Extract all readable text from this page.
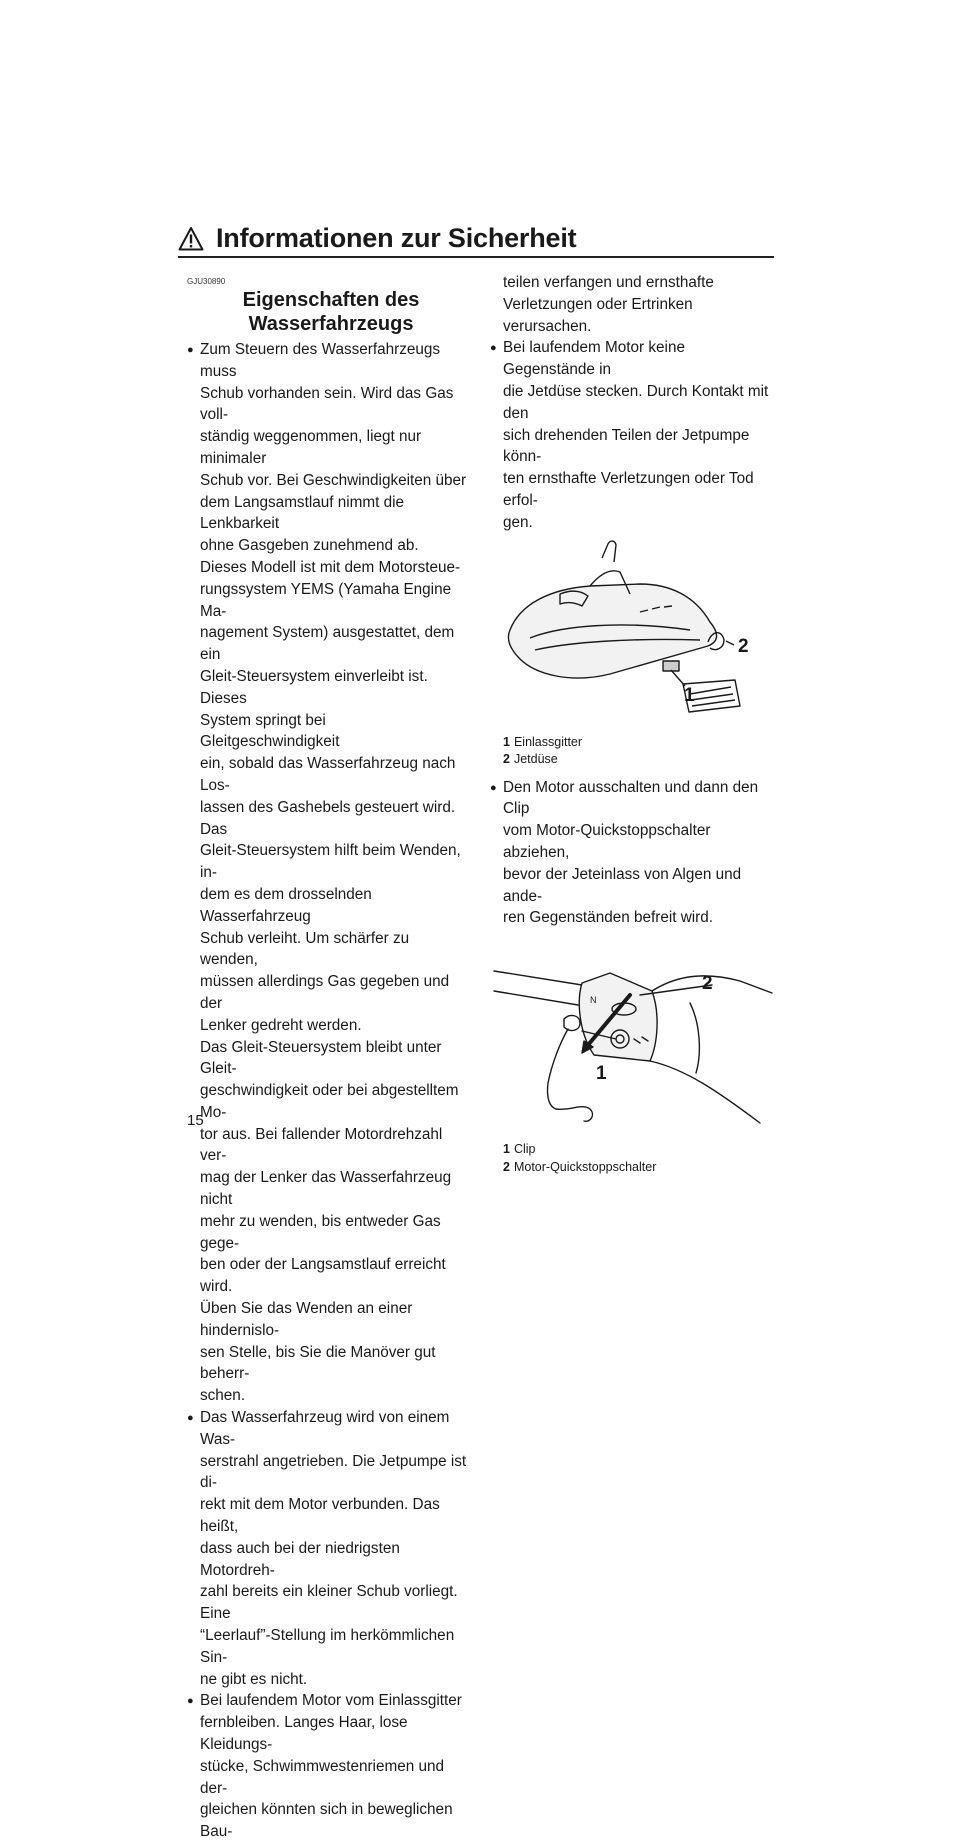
Informationen zur Sicherheit
GJU30890
Eigenschaften des
Wasserfahrzeugs
● Zum Steuern des Wasserfahrzeugs muss
Schub vorhanden sein. Wird das Gas voll-
ständig weggenommen, liegt nur minimaler
Schub vor. Bei Geschwindigkeiten über
dem Langsamstlauf nimmt die Lenkbarkeit
ohne Gasgeben zunehmend ab.
Dieses Modell ist mit dem Motorsteue-
rungssystem YEMS (Yamaha Engine Ma-
nagement System) ausgestattet, dem ein
Gleit-Steuersystem einverleibt ist. Dieses
System springt bei Gleitgeschwindigkeit
ein, sobald das Wasserfahrzeug nach Los-
lassen des Gashebels gesteuert wird. Das
Gleit-Steuersystem hilft beim Wenden, in-
dem es dem drosselnden Wasserfahrzeug
Schub verleiht. Um schärfer zu wenden,
müssen allerdings Gas gegeben und der
Lenker gedreht werden.
Das Gleit-Steuersystem bleibt unter Gleit-
geschwindigkeit oder bei abgestelltem Mo-
tor aus. Bei fallender Motordrehzahl ver-
mag der Lenker das Wasserfahrzeug nicht
mehr zu wenden, bis entweder Gas gege-
ben oder der Langsamstlauf erreicht wird.
Üben Sie das Wenden an einer hindernislo-
sen Stelle, bis Sie die Manöver gut beherr-
schen.
● Das Wasserfahrzeug wird von einem Was-
serstrahl angetrieben. Die Jetpumpe ist di-
rekt mit dem Motor verbunden. Das heißt,
dass auch bei der niedrigsten Motordreh-
zahl bereits ein kleiner Schub vorliegt. Eine
“Leerlauf”-Stellung im herkömmlichen Sin-
ne gibt es nicht.
● Bei laufendem Motor vom Einlassgitter
fernbleiben. Langes Haar, lose Kleidungs-
stücke, Schwimmwestenriemen und der-
gleichen könnten sich in beweglichen Bau-
teilen verfangen und ernsthafte
Verletzungen oder Ertrinken verursachen.
● Bei laufendem Motor keine Gegenstände in
die Jetdüse stecken. Durch Kontakt mit den
sich drehenden Teilen der Jetpumpe könn-
ten ernsthafte Verletzungen oder Tod erfol-
gen.
2
1
1 Einlassgitter
2 Jetdüse
● Den Motor ausschalten und dann den Clip
vom Motor-Quickstoppschalter abziehen,
bevor der Jeteinlass von Algen und ande-
ren Gegenständen befreit wird.
N
2
1
1 Clip
2 Motor-Quickstoppschalter
15
